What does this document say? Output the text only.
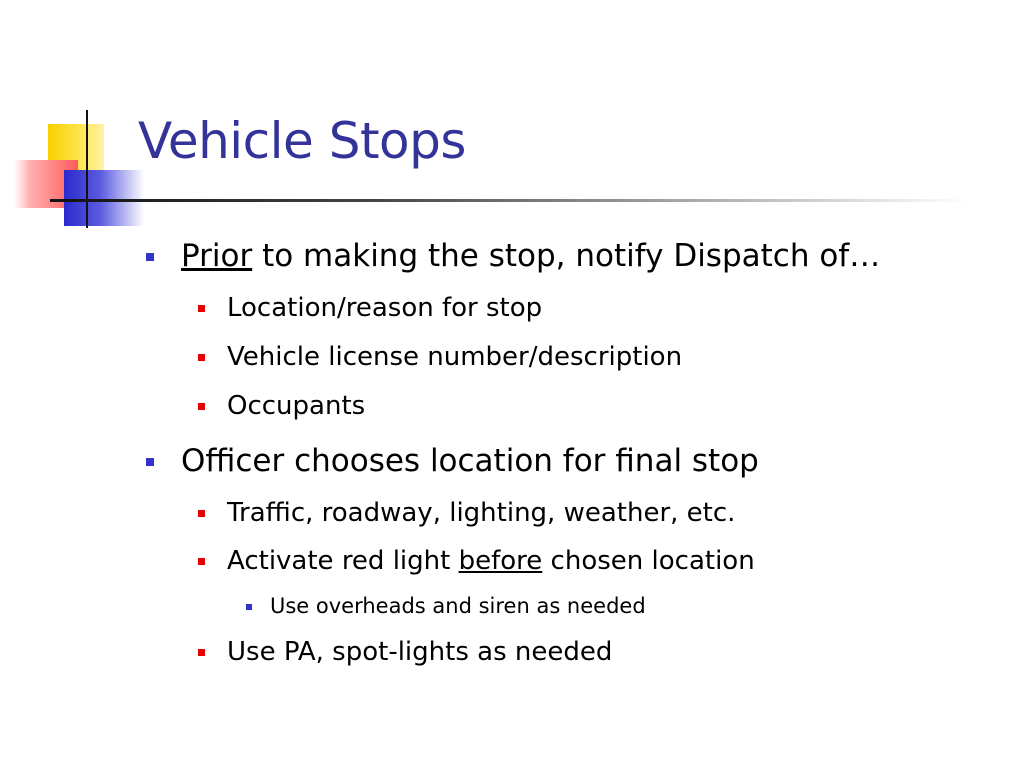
Vehicle Stops
Prior to making the stop, notify Dispatch of…
Location/reason for stop
Vehicle license number/description
Occupants
Officer chooses location for final stop
Traffic, roadway, lighting, weather, etc.
Activate red light before chosen location
Use overheads and siren as needed
Use PA, spot-lights as needed
